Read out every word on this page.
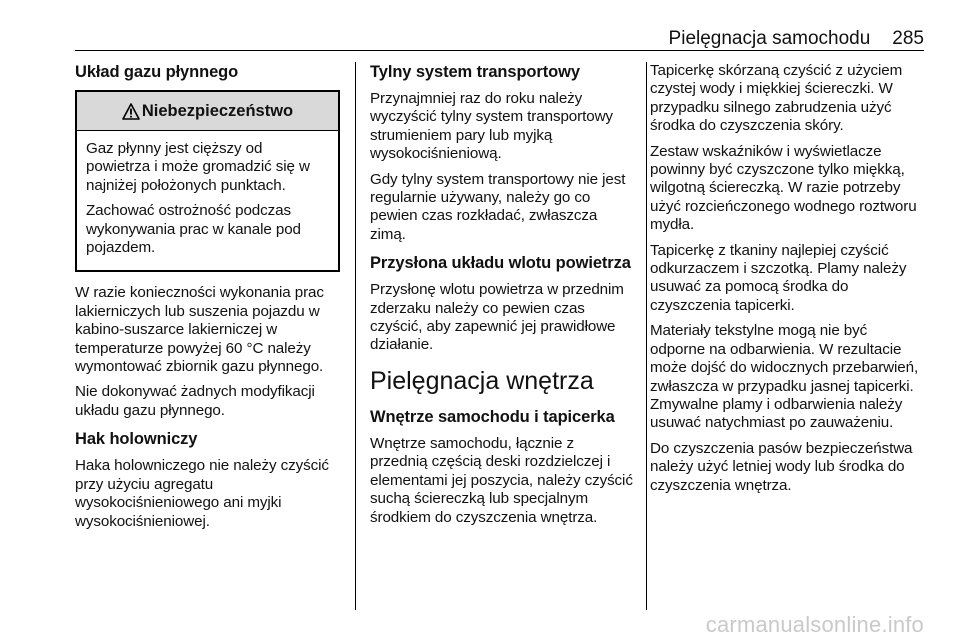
Pielęgnacja samochodu 285
Układ gazu płynnego
Niebezpieczeństwo

Gaz płynny jest cięższy od powietrza i może gromadzić się w najniżej położonych punktach.

Zachować ostrożność podczas wykonywania prac w kanale pod pojazdem.

W razie konieczności wykonania prac lakierniczych lub suszenia pojazdu w kabino-suszarce lakierniczej w temperaturze powyżej 60 °C należy wymontować zbiornik gazu płynnego.

Nie dokonywać żadnych modyfikacji układu gazu płynnego.

Hak holowniczy

Haka holowniczego nie należy czyścić przy użyciu agregatu wysokociśnieniowego ani myjki wysokociśnieniowej.

Tylny system transportowy

Przynajmniej raz do roku należy wyczyścić tylny system transportowy strumieniem pary lub myjką wysokociśnieniową.

Gdy tylny system transportowy nie jest regularnie używany, należy go co pewien czas rozkładać, zwłaszcza zimą.

Przysłona układu wlotu powietrza

Przysłonę wlotu powietrza w przednim zderzaku należy co pewien czas czyścić, aby zapewnić jej prawidłowe działanie.

Pielęgnacja wnętrza
Wnętrze samochodu i tapicerka

Wnętrze samochodu, łącznie z przednią częścią deski rozdzielczej i elementami jej poszycia, należy czyścić suchą ściereczką lub specjalnym środkiem do czyszczenia wnętrza.

Tapicerkę skórzaną czyścić z użyciem czystej wody i miękkiej ściereczki. W przypadku silnego zabrudzenia użyć środka do czyszczenia skóry.

Zestaw wskaźników i wyświetlacze powinny być czyszczone tylko miękką, wilgotną ściereczką. W razie potrzeby użyć rozcieńczonego wodnego roztworu mydła.

Tapicerkę z tkaniny najlepiej czyścić odkurzaczem i szczotką. Plamy należy usuwać za pomocą środka do czyszczenia tapicerki.

Materiały tekstylne mogą nie być odporne na odbarwienia. W rezultacie może dojść do widocznych przebarwień, zwłaszcza w przypadku jasnej tapicerki. Zmywalne plamy i odbarwienia należy usuwać natychmiast po zauważeniu.

Do czyszczenia pasów bezpieczeństwa należy użyć letniej wody lub środka do czyszczenia wnętrza.

carmanualsonline.info
